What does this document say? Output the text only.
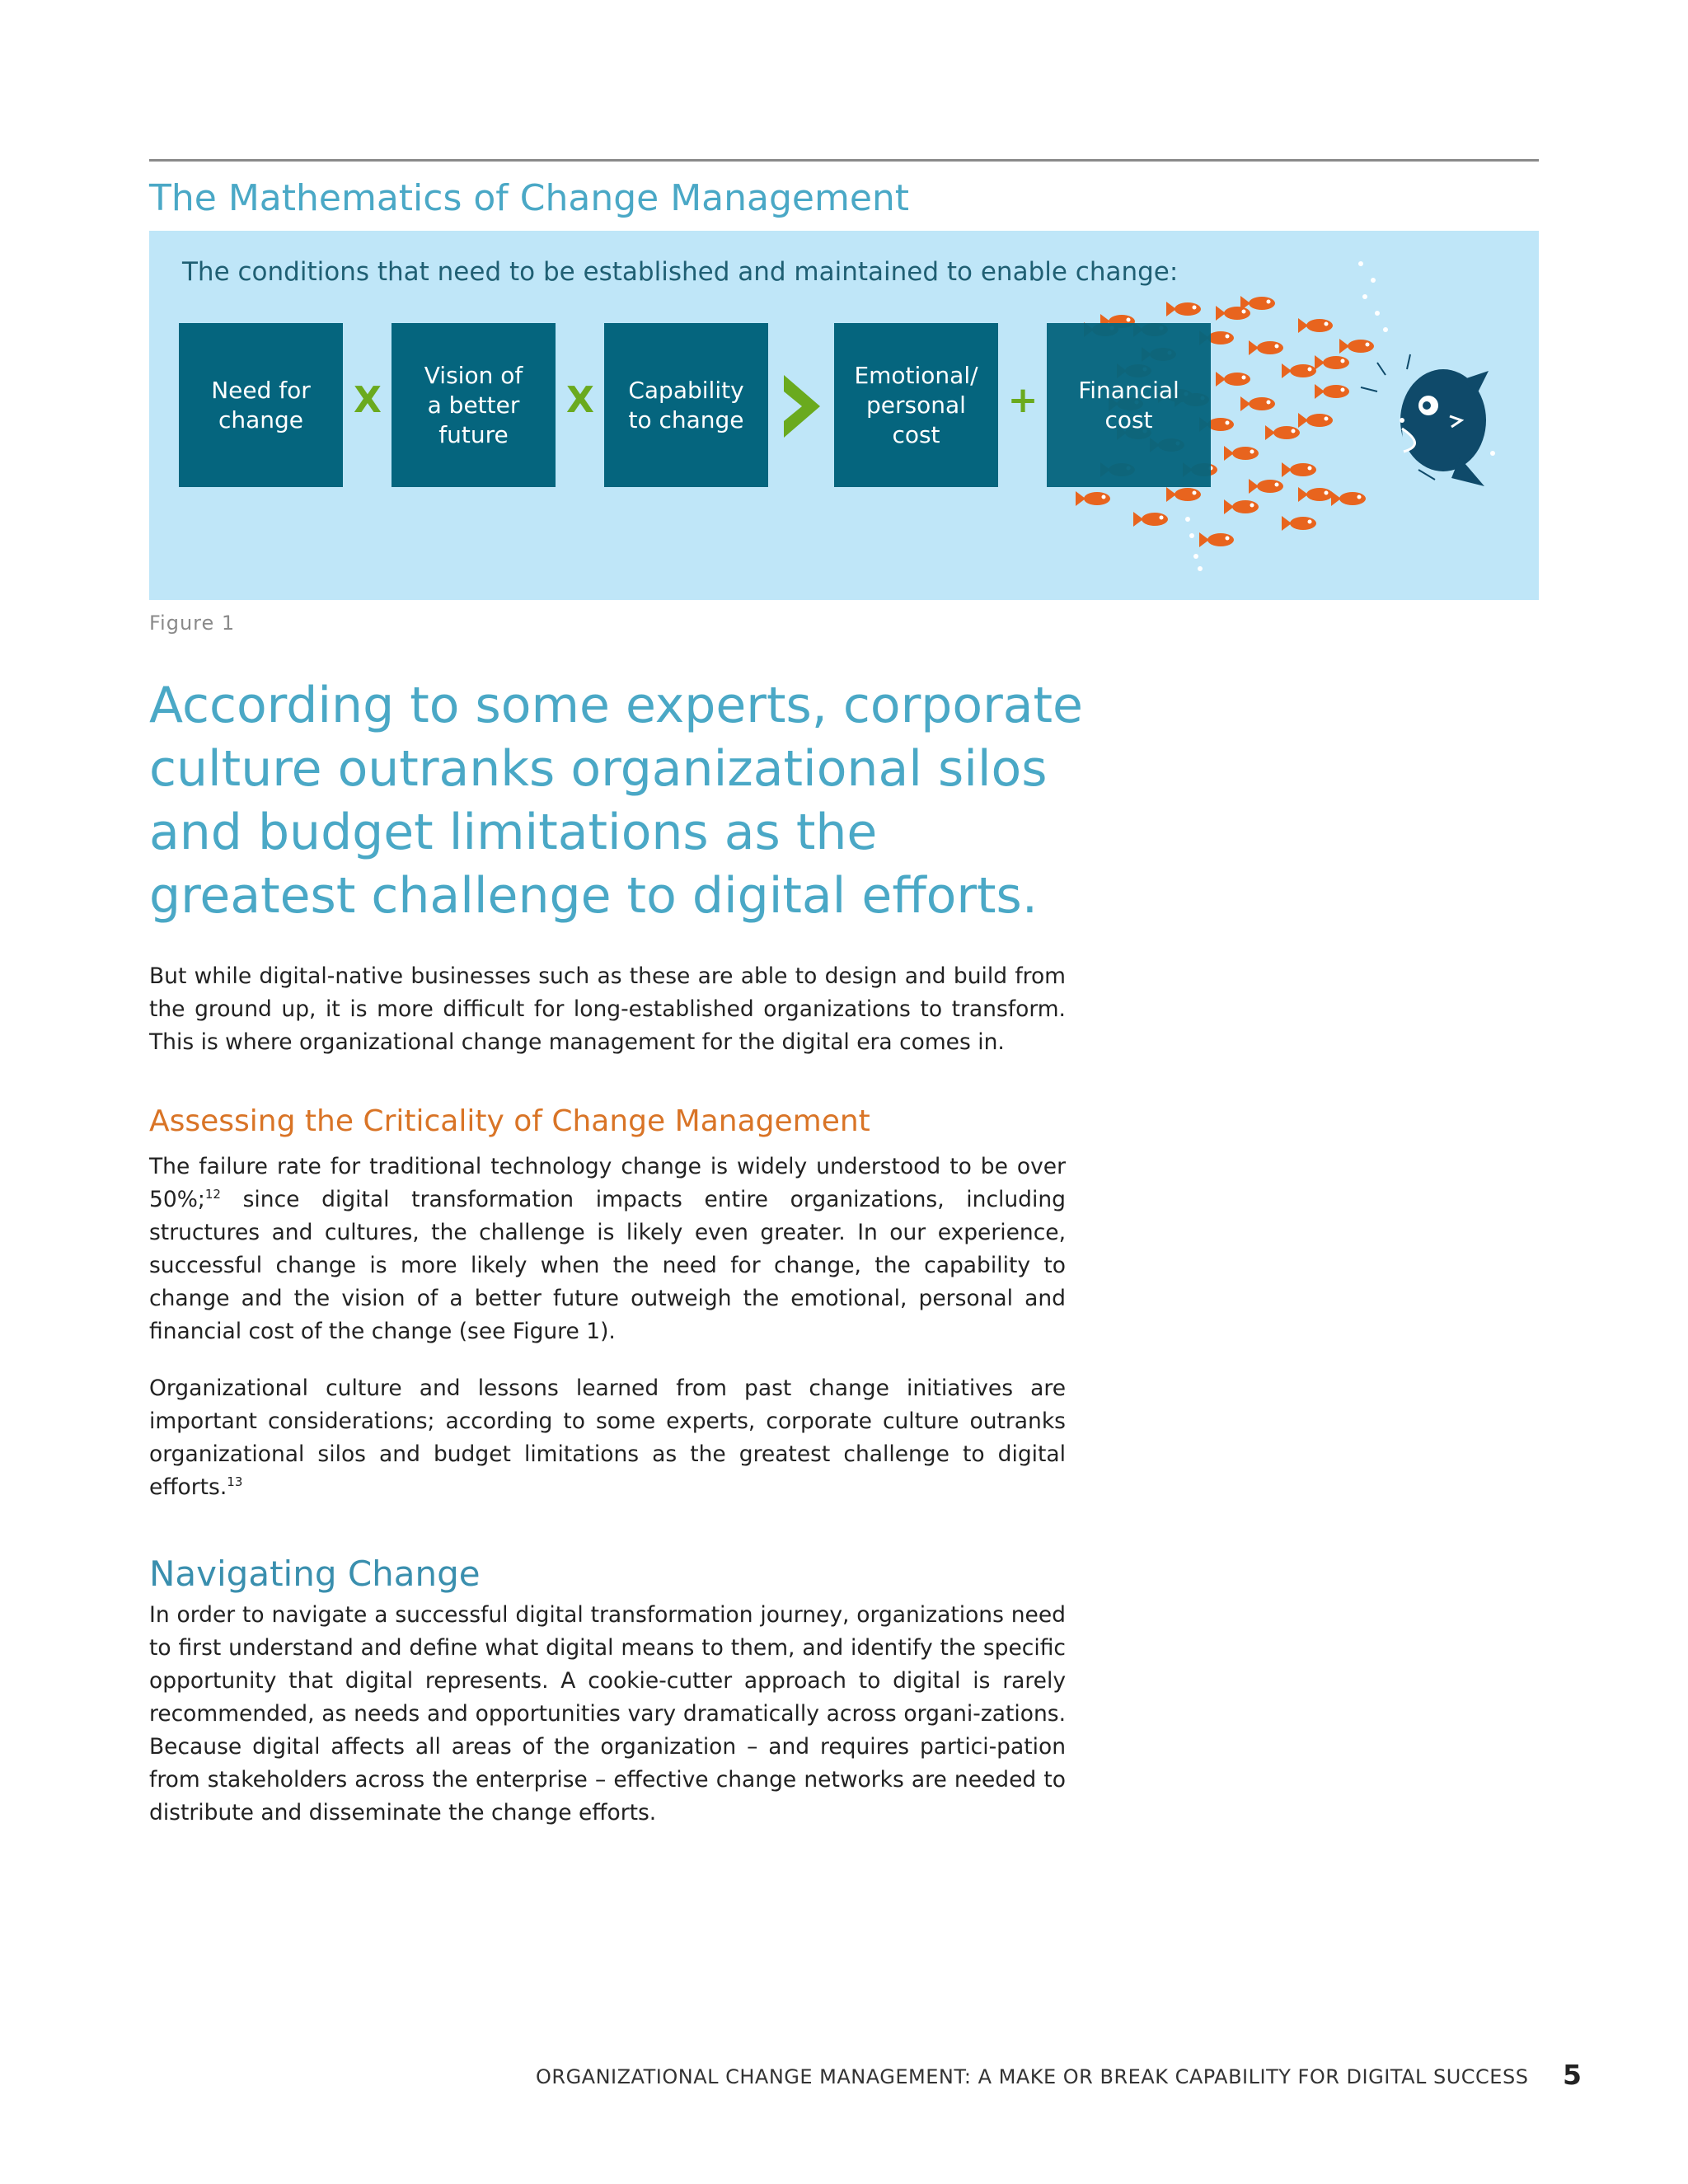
The Mathematics of Change Management
The conditions that need to be established and maintained to enable change:
Need for
change X
Vision of
a better
future
X Capability
to change
Emotional/
personal
cost
+ Financial
cost
Figure 1
According to some experts, corporate culture outranks organizational silos and budget limitations as the greatest challenge to digital efforts.

But while digital-native businesses such as these are able to design and build from the ground up, it is more difficult for long-established organizations to transform. This is where organizational change management for the digital era comes in.

Assessing the Criticality of Change Management

The failure rate for traditional technology change is widely understood to be over 50%;$^{12}$ since digital transformation impacts entire organizations, including structures and cultures, the challenge is likely even greater. In our experience, successful change is more likely when the need for change, the capability to change and the vision of a better future outweigh the emotional, personal and financial cost of the change (see Figure 1).

Organizational culture and lessons learned from past change initiatives are important considerations; according to some experts, corporate culture outranks organizational silos and budget limitations as the greatest challenge to digital efforts.$^{13}$

Navigating Change

In order to navigate a successful digital transformation journey, organizations need to first understand and define what digital means to them, and identify the specific opportunity that digital represents. A cookie-cutter approach to digital is rarely recommended, as needs and opportunities vary dramatically across organi-zations. Because digital affects all areas of the organization – and requires partici-pation from stakeholders across the enterprise – effective change networks are needed to distribute and disseminate the change efforts.

ORGANIZATIONAL CHANGE MANAGEMENT: A MAKE OR BREAK CAPABILITY FOR DIGITAL SUCCESS 5
